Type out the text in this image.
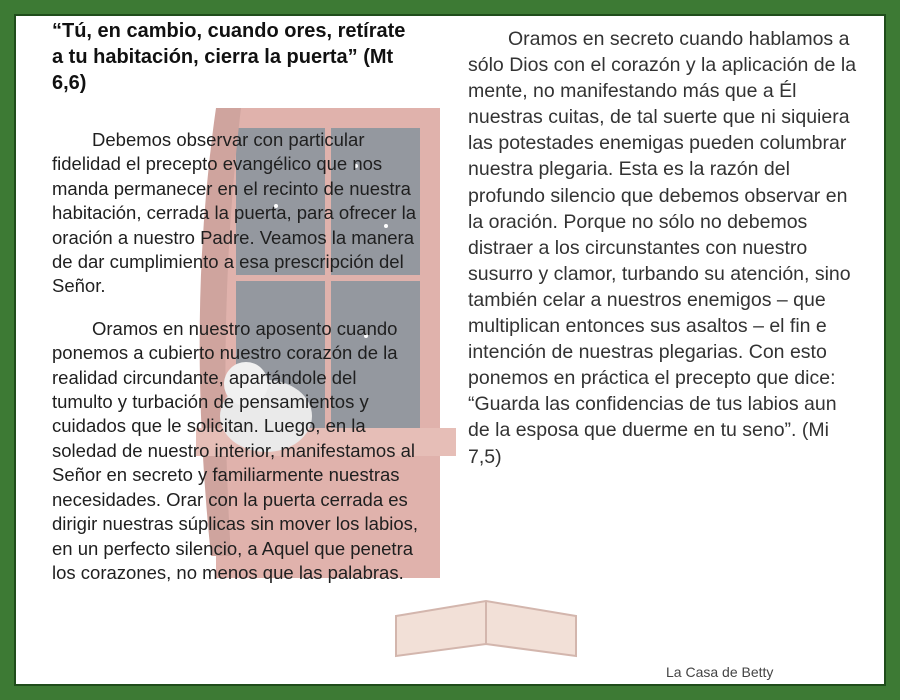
“Tú, en cambio, cuando ores, retírate a tu habitación, cierra la puerta” (Mt 6,6)

Debemos observar con particular fidelidad el precepto evangélico que nos manda permanecer en el recinto de nuestra habitación, cerrada la puerta, para ofrecer la oración a nuestro Padre. Veamos la manera de dar cumplimiento a esa prescripción del Señor.

Oramos en nuestro aposento cuando ponemos a cubierto nuestro corazón de la realidad circundante, apartándole del tumulto y turbación de pensamientos y cuidados que le solicitan. Luego, en la soledad de nuestro interior, manifestamos al Señor en secreto y familiarmente nuestras necesidades. Orar con la puerta cerrada es dirigir nuestras súplicas sin mover los labios, en un perfecto silencio, a Aquel que penetra los corazones, no menos que las palabras.

Oramos en secreto cuando hablamos a sólo Dios con el corazón y la aplicación de la mente, no manifestando más que a Él nuestras cuitas, de tal suerte que ni siquiera las potestades enemigas pueden columbrar nuestra plegaria. Esta es la razón del profundo silencio que debemos observar en la oración. Porque no sólo no debemos distraer a los circunstantes con nuestro susurro y clamor, turbando su atención, sino también celar a nuestros enemigos – que multiplican entonces sus asaltos – el fin e intención de nuestras plegarias. Con esto ponemos en práctica el precepto que dice: “Guarda las confidencias de tus labios aun de la esposa que duerme en tu seno”. (Mi 7,5)

La Casa de Betty
